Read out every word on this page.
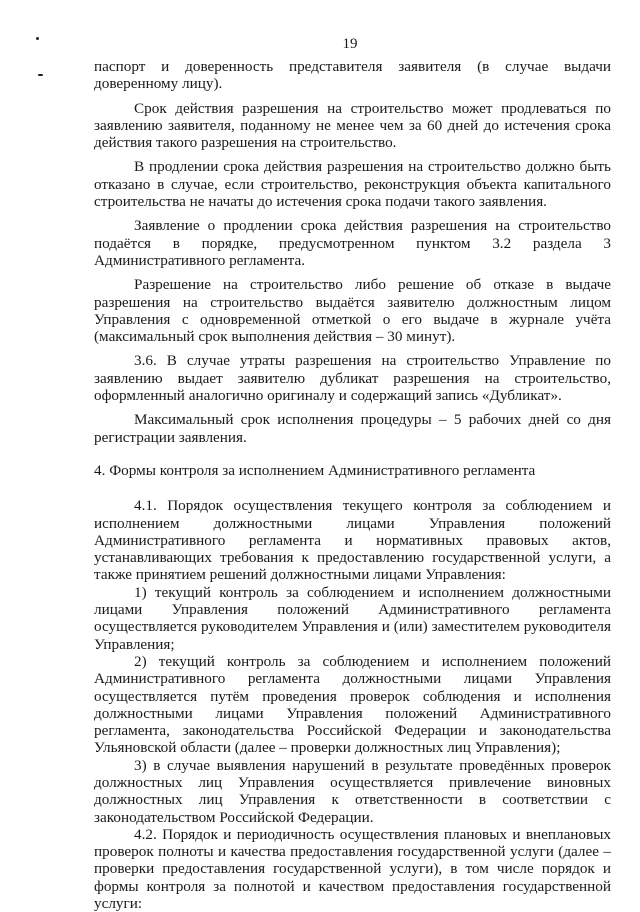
19

паспорт и доверенность представителя заявителя (в случае выдачи доверенному лицу).

Срок действия разрешения на строительство может продлеваться по заявлению заявителя, поданному не менее чем за 60 дней до истечения срока действия такого разрешения на строительство.

В продлении срока действия разрешения на строительство должно быть отказано в случае, если строительство, реконструкция объекта капитального строительства не начаты до истечения срока подачи такого заявления.

Заявление о продлении срока действия разрешения на строительство подаётся в порядке, предусмотренном пунктом 3.2 раздела 3 Административного регламента.

Разрешение на строительство либо решение об отказе в выдаче разрешения на строительство выдаётся заявителю должностным лицом Управления с одновременной отметкой о его выдаче в журнале учёта (максимальный срок выполнения действия – 30 минут).

3.6. В случае утраты разрешения на строительство Управление по заявлению выдает заявителю дубликат разрешения на строительство, оформленный аналогично оригиналу и содержащий запись «Дубликат».

Максимальный срок исполнения процедуры – 5 рабочих дней со дня регистрации заявления.

4. Формы контроля за исполнением Административного регламента

4.1. Порядок осуществления текущего контроля за соблюдением и исполнением должностными лицами Управления положений Административного регламента и нормативных правовых актов, устанавливающих требования к предоставлению государственной услуги, а также принятием решений должностными лицами Управления:

1) текущий контроль за соблюдением и исполнением должностными лицами Управления положений Административного регламента осуществляется руководителем Управления и (или) заместителем руководителя Управления;

2) текущий контроль за соблюдением и исполнением положений Административного регламента должностными лицами Управления осуществляется путём проведения проверок соблюдения и исполнения должностными лицами Управления положений Административного регламента, законодательства Российской Федерации и законодательства Ульяновской области (далее – проверки должностных лиц Управления);

3) в случае выявления нарушений в результате проведённых проверок должностных лиц Управления осуществляется привлечение виновных должностных лиц Управления к ответственности в соответствии с законодательством Российской Федерации.

4.2. Порядок и периодичность осуществления плановых и внеплановых проверок полноты и качества предоставления государственной услуги (далее – проверки предоставления государственной услуги), в том числе порядок и формы контроля за полнотой и качеством предоставления государственной услуги:
